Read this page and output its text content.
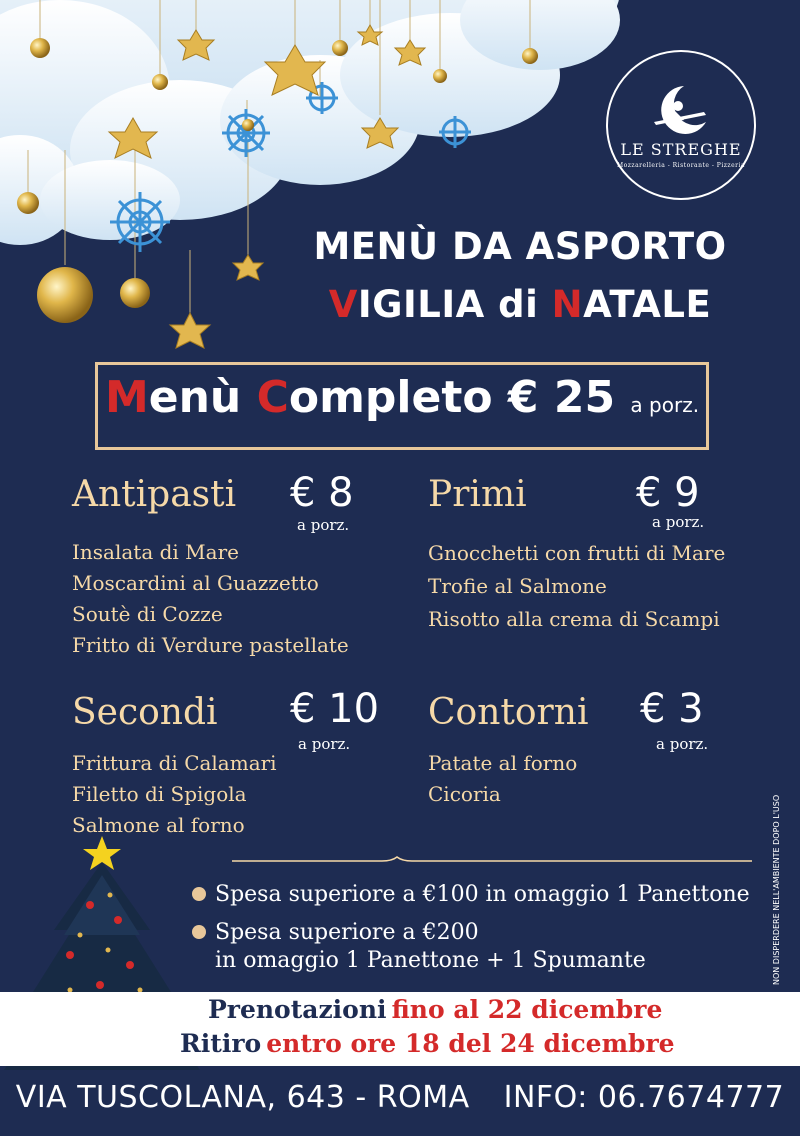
LE STREGHE
Mozzarelleria - Ristorante - Pizzeria
MENÙ DA ASPORTO
VIGILIA di NATALE
Menù Completo € 25 a porz.
Antipasti € 8
a porz.
Insalata di Mare
Moscardini al Guazzetto
Soutè di Cozze
Fritto di Verdure pastellate
Primi	€ 9
a porz.
Gnocchetti con frutti di Mare
Trofie al Salmone
Risotto alla crema di Scampi
Secondi € 10
a porz.
Frittura di Calamari
Filetto di Spigola
Salmone al forno
Contorni € 3
a porz.
Patate al forno
Cicoria
Spesa superiore a €100 in omaggio 1 Panettone
Spesa superiore a €200
in omaggio 1 Panettone + 1 Spumante	NON DISPERDERE NELL'AMBIENTE DOPO L'USO
Prenotazioni fino al 22 dicembre
Ritiro entro ore 18 del 24 dicembre
VIA TUSCOLANA, 643 - ROMA INFO: 06.7674777
